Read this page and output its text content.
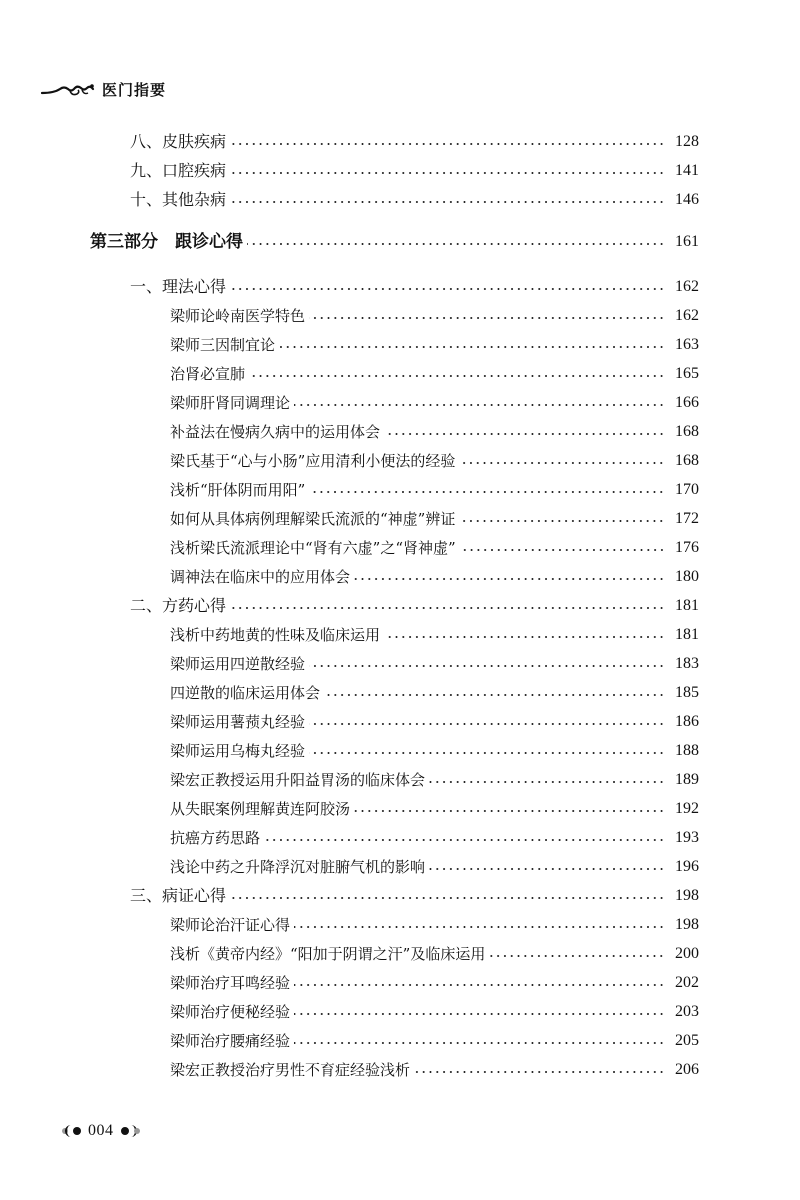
医门指要
八、皮肤疾病	128
九、口腔疾病	141
十、其他杂病	146
第三部分　跟诊心得	161
一、理法心得	162
梁师论岭南医学特色	162
梁师三因制宜论	163
治肾必宣肺	165
梁师肝肾同调理论	166
补益法在慢病久病中的运用体会	168
梁氏基于“心与小肠”应用清利小便法的经验	168
浅析“肝体阴而用阳”	170
如何从具体病例理解梁氏流派的“神虚”辨证	172
浅析梁氏流派理论中“肾有六虚”之“肾神虚”	176
调神法在临床中的应用体会	180
二、方药心得	181
浅析中药地黄的性味及临床运用	181
梁师运用四逆散经验	183
四逆散的临床运用体会	185
梁师运用薯蓣丸经验	186
梁师运用乌梅丸经验	188
梁宏正教授运用升阳益胃汤的临床体会	189
从失眠案例理解黄连阿胶汤	192
抗癌方药思路	193
浅论中药之升降浮沉对脏腑气机的影响	196
三、病证心得	198
梁师论治汗证心得	198
浅析《黄帝内经》“阳加于阴谓之汗”及临床运用	200
梁师治疗耳鸣经验	202
梁师治疗便秘经验	203
梁师治疗腰痛经验	205
梁宏正教授治疗男性不育症经验浅析	206
004
